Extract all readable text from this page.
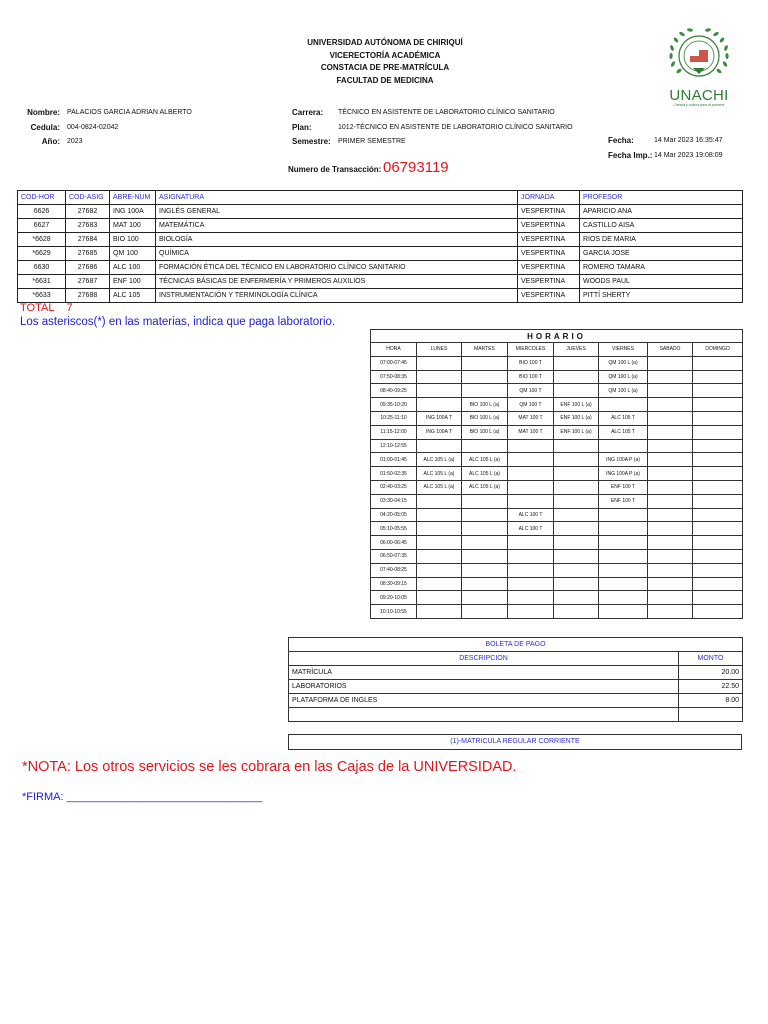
UNIVERSIDAD AUTÓNOMA DE CHIRIQUÍ
VICERECTORÍA ACADÉMICA
CONSTACIA DE PRE-MATRÍCULA
FACULTAD DE MEDICINA
UNACHI
Ciencia y cultura para el porvenir
Nombre: PALACIOS GARCIA ADRIAN ALBERTO
Cedula: 004-0824-02042
Año: 2023
Carrera: TÉCNICO EN ASISTENTE DE LABORATORIO CLÍNICO SANITARIO
Plan:	1012-TÉCNICO EN ASISTENTE DE LABORATORIO CLÍNICO SANITARIO
Semestre: PRIMER SEMESTRE	Fecha:	14 Mar 2023 16:35:47
Fecha Imp.: 14 Mar 2023 19:08:09
Numero de Transacción: 06793119
COD-HOR	COD-ASIG	ABRE-NUM	ASIGNATURA	JORNADA	PROFESOR
6626	27682	ING 100A	INGLÉS GENERAL	VESPERTINA	APARICIO ANA
6627	27683	MAT 100	MATEMÁTICA	VESPERTINA	CASTILLO AISA
*6628	27684	BIO 100	BIOLOGÍA	VESPERTINA	RIOS DE MARIA
*6629	27685	QM 100	QUÍMICA	VESPERTINA	GARCIA JOSE
6630	27686	ALC 100	FORMACIÓN ÉTICA DEL TÉCNICO EN LABORATORIO CLÍNICO SANITARIO	VESPERTINA	ROMERO TAMARA
*6631	27687	ENF 100	TÉCNICAS BÁSICAS DE ENFERMERÍA Y PRIMEROS AUXILIOS	VESPERTINA	WOODS PAUL
*6633	27688	ALC 105	INSTRUMENTACIÓN Y TERMINOLOGÍA CLÍNICA	VESPERTINA	PITTÍ SHERTY
TOTAL 7
Los asteriscos(*) en las materias, indica que paga laboratorio.
HORARIO							
HORA	LUNES	MARTES	MIERCOLES	JUEVES	VIERNES	SABADO	DOMINGO
07:00-07:45			BIO 100 T		QM 100 L (a)		
07:50-08:35			BIO 100 T		QM 100 L (a)		
08:40-09:25			QM 100 T		QM 100 L (a)		
09:35-10:20		BIO 100 L (a)	QM 100 T	ENF 100 L (a)			
10:25-11:10	ING 100A T	BIO 100 L (a)	MAT 100 T	ENF 100 L (a)	ALC 105 T		
11:15-12:00	ING 100A T	BIO 100 L (a)	MAT 100 T	ENF 100 L (a)	ALC 105 T		
12:10-12:55							
01:00-01:45	ALC 105 L (a)	ALC 105 L (a)			ING 100A P (a)		
01:50-02:35	ALC 105 L (a)	ALC 105 L (a)			ING 100A P (a)		
02:40-03:25	ALC 105 L (a)	ALC 105 L (a)			ENF 100 T		
03:30-04:15					ENF 100 T		
04:20-05:05			ALC 100 T				
05:10-05:55			ALC 100 T				
06:00-06:45							
06:50-07:35							
07:40-08:25							
08:30-09:15							
09:20-10:05							
10:10-10:55							
BOLETA DE PAGO	
DESCRIPCION	MONTO
MATRÍCULA	20.00
LABORATORIOS	22.50
PLATAFORMA DE INGLES	8.00

(1)-MATRICULA REGULAR CORRIENTE
*NOTA: Los otros servicios se les cobrara en las Cajas de la UNIVERSIDAD.
*FIRMA: ________________________________
